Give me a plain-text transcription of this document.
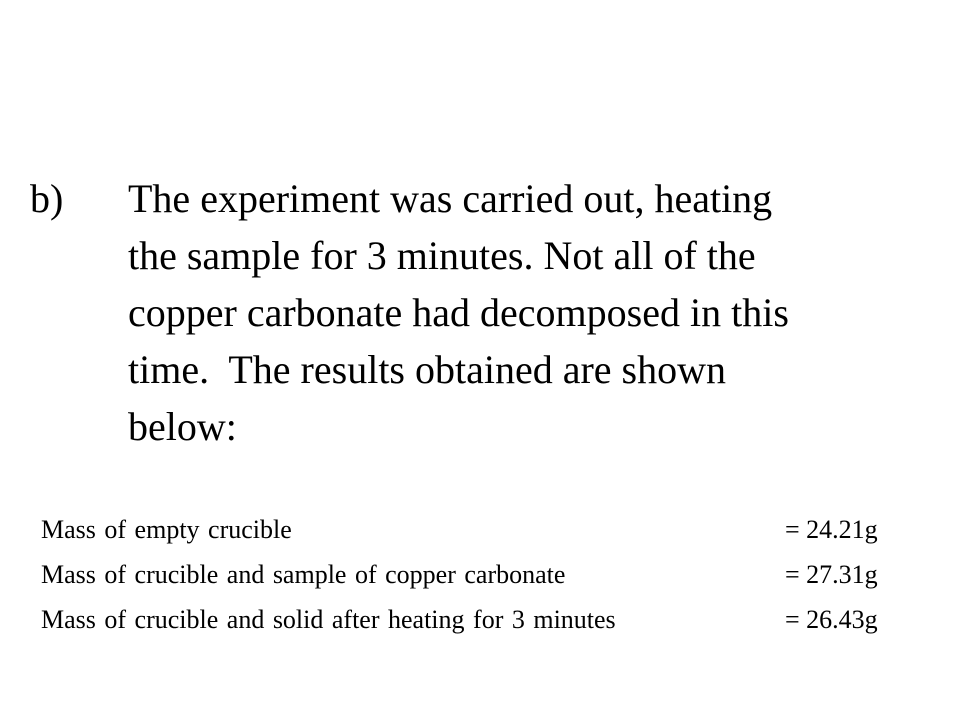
b) The experiment was carried out, heating
the sample for 3 minutes. Not all of the
copper carbonate had decomposed in this
time.  The results obtained are shown
below:
Mass of empty crucible	= 24.21g
Mass of crucible and sample of copper carbonate	= 27.31g
Mass of crucible and solid after heating for 3 minutes	= 26.43g
